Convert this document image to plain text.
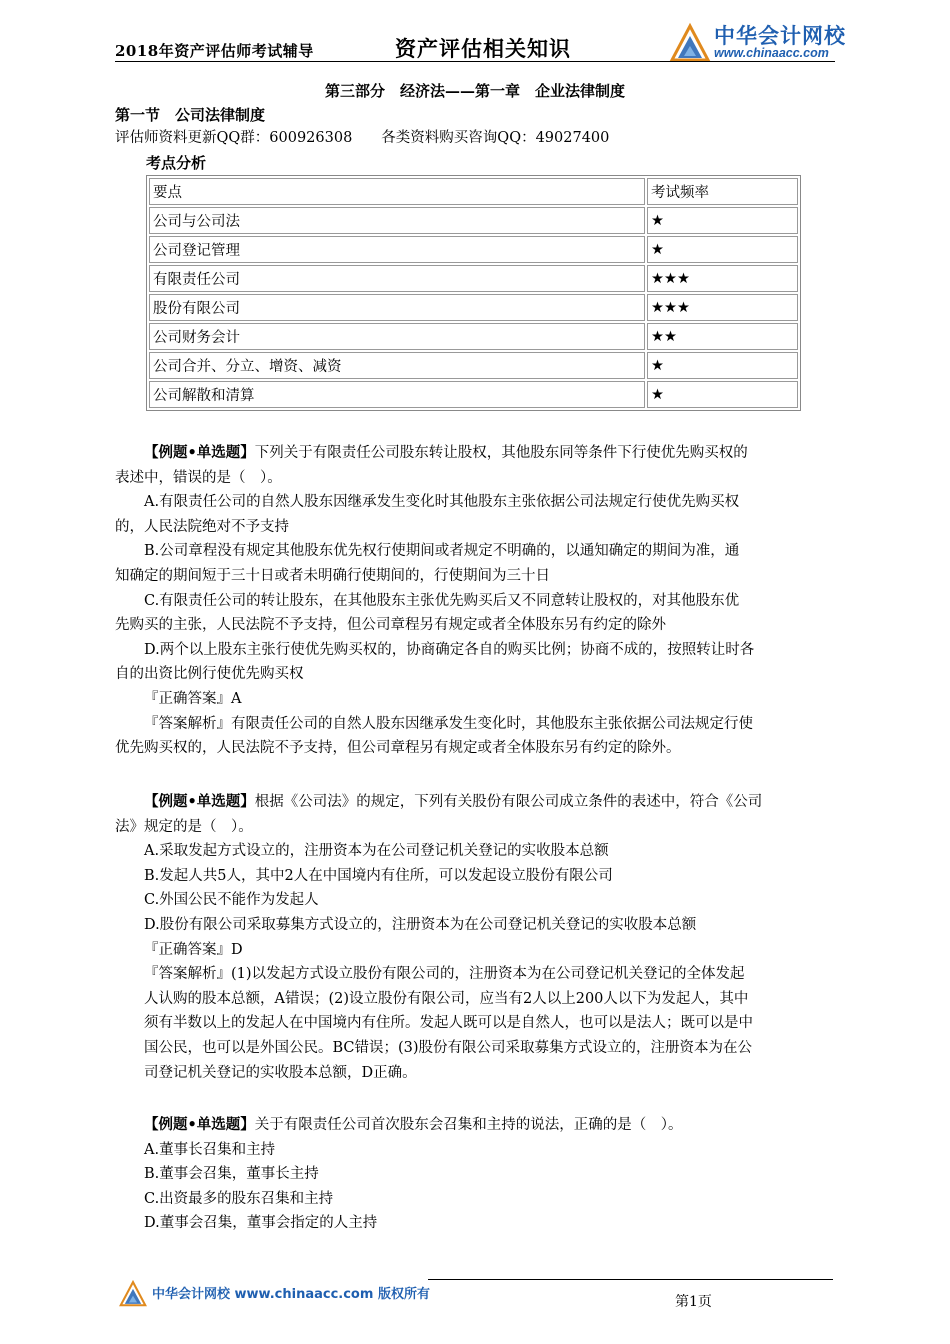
2018年资产评估师考试辅导	资产评估相关知识	中华会计网校
www.chinaacc.com
第三部分　经济法——第一章　企业法律制度
第一节　公司法律制度
评估师资料更新QQ群：600926308　　各类资料购买咨询QQ：49027400
考点分析
要点	考试频率
公司与公司法	★
公司登记管理	★
有限责任公司	★★★
股份有限公司	★★★
公司财务会计	★★
公司合并、分立、增资、减资	★
公司解散和清算	★
【例题•单选题】下列关于有限责任公司股东转让股权，其他股东同等条件下行使优先购买权的
表述中，错误的是（　）。
A.有限责任公司的自然人股东因继承发生变化时其他股东主张依据公司法规定行使优先购买权
的，人民法院绝对不予支持
B.公司章程没有规定其他股东优先权行使期间或者规定不明确的，以通知确定的期间为准，通
知确定的期间短于三十日或者未明确行使期间的，行使期间为三十日
C.有限责任公司的转让股东，在其他股东主张优先购买后又不同意转让股权的，对其他股东优
先购买的主张，人民法院不予支持，但公司章程另有规定或者全体股东另有约定的除外
D.两个以上股东主张行使优先购买权的，协商确定各自的购买比例；协商不成的，按照转让时各
自的出资比例行使优先购买权
『正确答案』A
『答案解析』有限责任公司的自然人股东因继承发生变化时，其他股东主张依据公司法规定行使
优先购买权的，人民法院不予支持，但公司章程另有规定或者全体股东另有约定的除外。
【例题•单选题】根据《公司法》的规定，下列有关股份有限公司成立条件的表述中，符合《公司
法》规定的是（　）。
A.采取发起方式设立的，注册资本为在公司登记机关登记的实收股本总额
B.发起人共5人，其中2人在中国境内有住所，可以发起设立股份有限公司
C.外国公民不能作为发起人
D.股份有限公司采取募集方式设立的，注册资本为在公司登记机关登记的实收股本总额
『正确答案』D
『答案解析』(1)以发起方式设立股份有限公司的，注册资本为在公司登记机关登记的全体发起
人认购的股本总额，A错误；(2)设立股份有限公司，应当有2人以上200人以下为发起人，其中
须有半数以上的发起人在中国境内有住所。发起人既可以是自然人，也可以是法人；既可以是中
国公民，也可以是外国公民。BC错误；(3)股份有限公司采取募集方式设立的，注册资本为在公
司登记机关登记的实收股本总额，D正确。
【例题•单选题】关于有限责任公司首次股东会召集和主持的说法，正确的是（　）。
A.董事长召集和主持
B.董事会召集，董事长主持
C.出资最多的股东召集和主持
D.董事会召集，董事会指定的人主持
中华会计网校 www.chinaacc.com 版权所有	第1页
